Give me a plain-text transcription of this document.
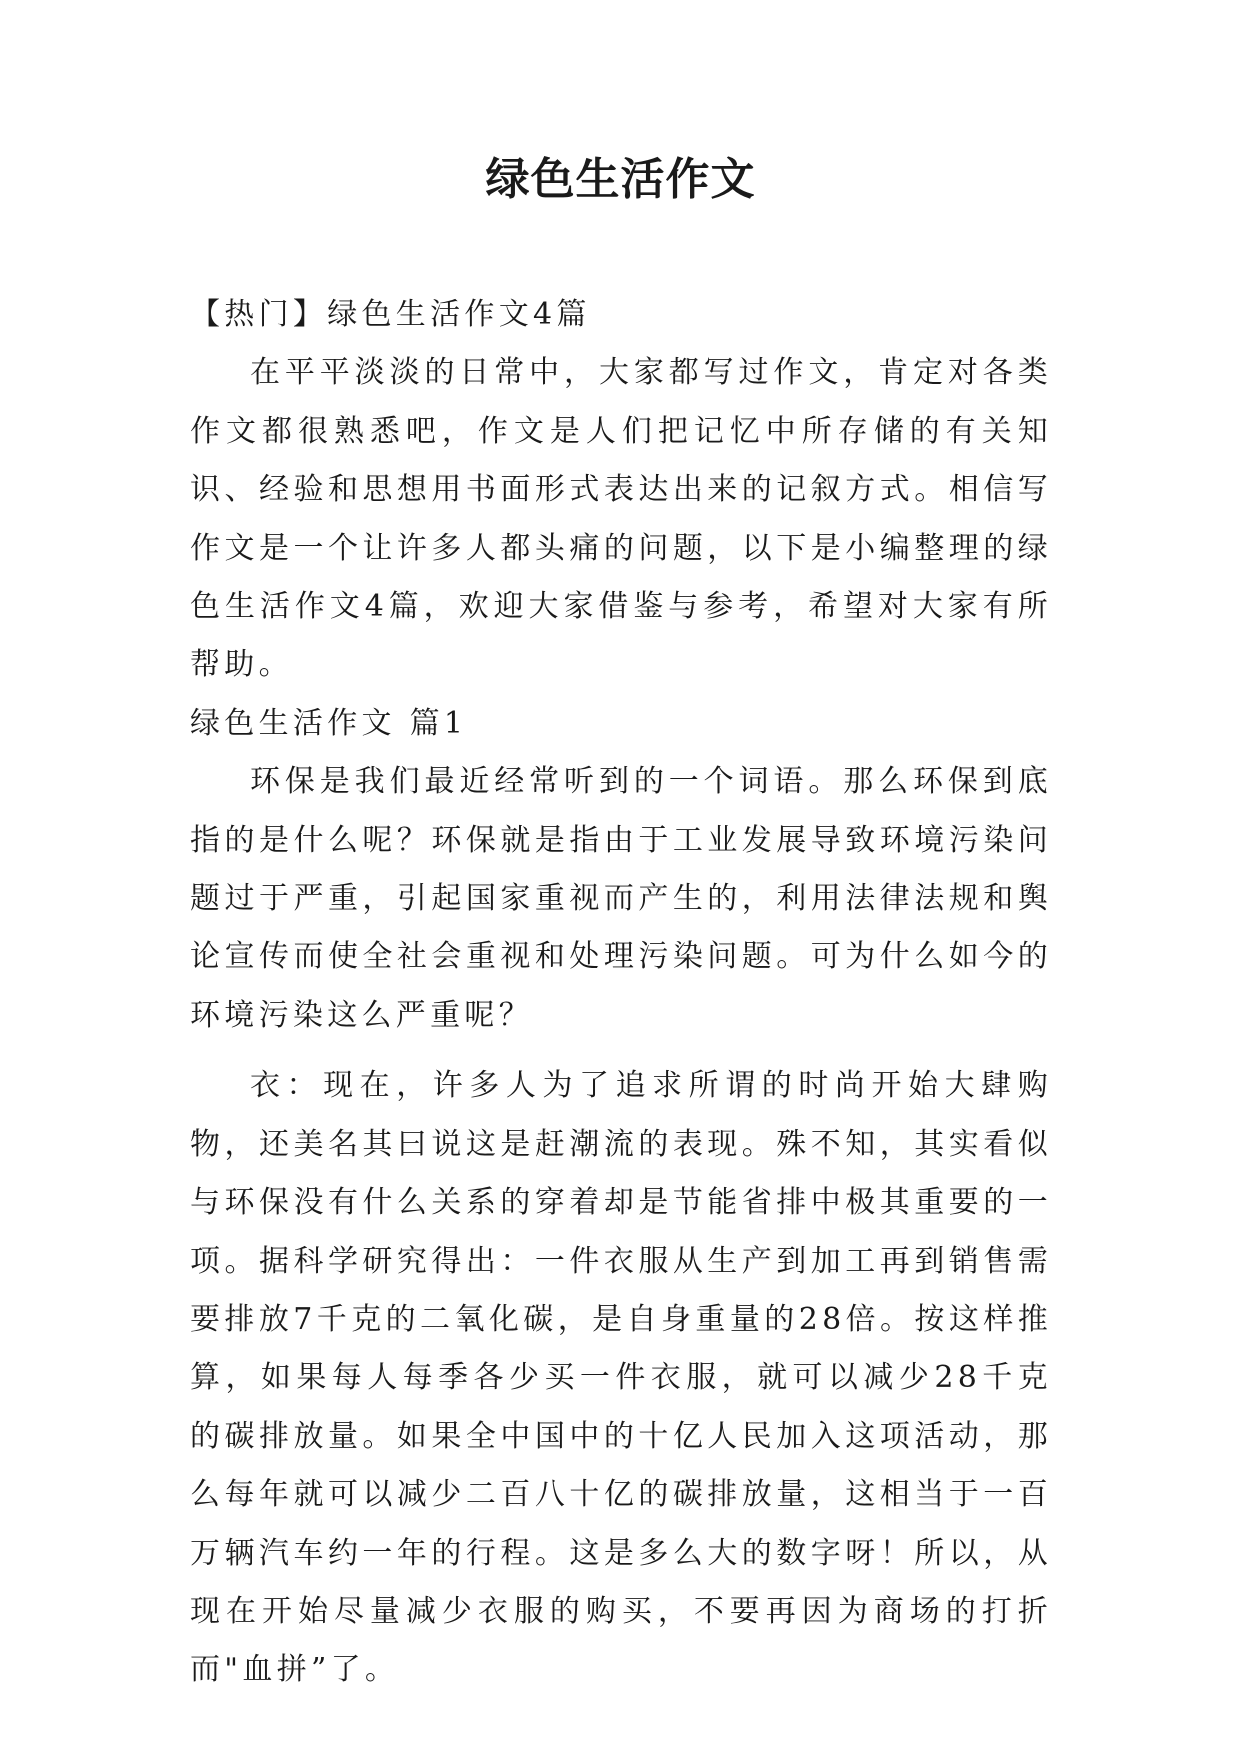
绿色生活作文

【热门】绿色生活作文4篇

在平平淡淡的日常中，大家都写过作文，肯定对各类作文都很熟悉吧，作文是人们把记忆中所存储的有关知识、经验和思想用书面形式表达出来的记叙方式。相信写作文是一个让许多人都头痛的问题，以下是小编整理的绿色生活作文4篇，欢迎大家借鉴与参考，希望对大家有所帮助。

绿色生活作文 篇1

环保是我们最近经常听到的一个词语。那么环保到底指的是什么呢？环保就是指由于工业发展导致环境污染问题过于严重，引起国家重视而产生的，利用法律法规和舆论宣传而使全社会重视和处理污染问题。可为什么如今的环境污染这么严重呢？

衣：现在，许多人为了追求所谓的时尚开始大肆购物，还美名其曰说这是赶潮流的表现。殊不知，其实看似与环保没有什么关系的穿着却是节能省排中极其重要的一项。据科学研究得出：一件衣服从生产到加工再到销售需要排放7千克的二氧化碳，是自身重量的28倍。按这样推算，如果每人每季各少买一件衣服，就可以减少28千克的碳排放量。如果全中国中的十亿人民加入这项活动，那么每年就可以减少二百八十亿的碳排放量，这相当于一百万辆汽车约一年的行程。这是多么大的数字呀！所以，从现在开始尽量减少衣服的购买，不要再因为商场的打折而"血拼”了。
